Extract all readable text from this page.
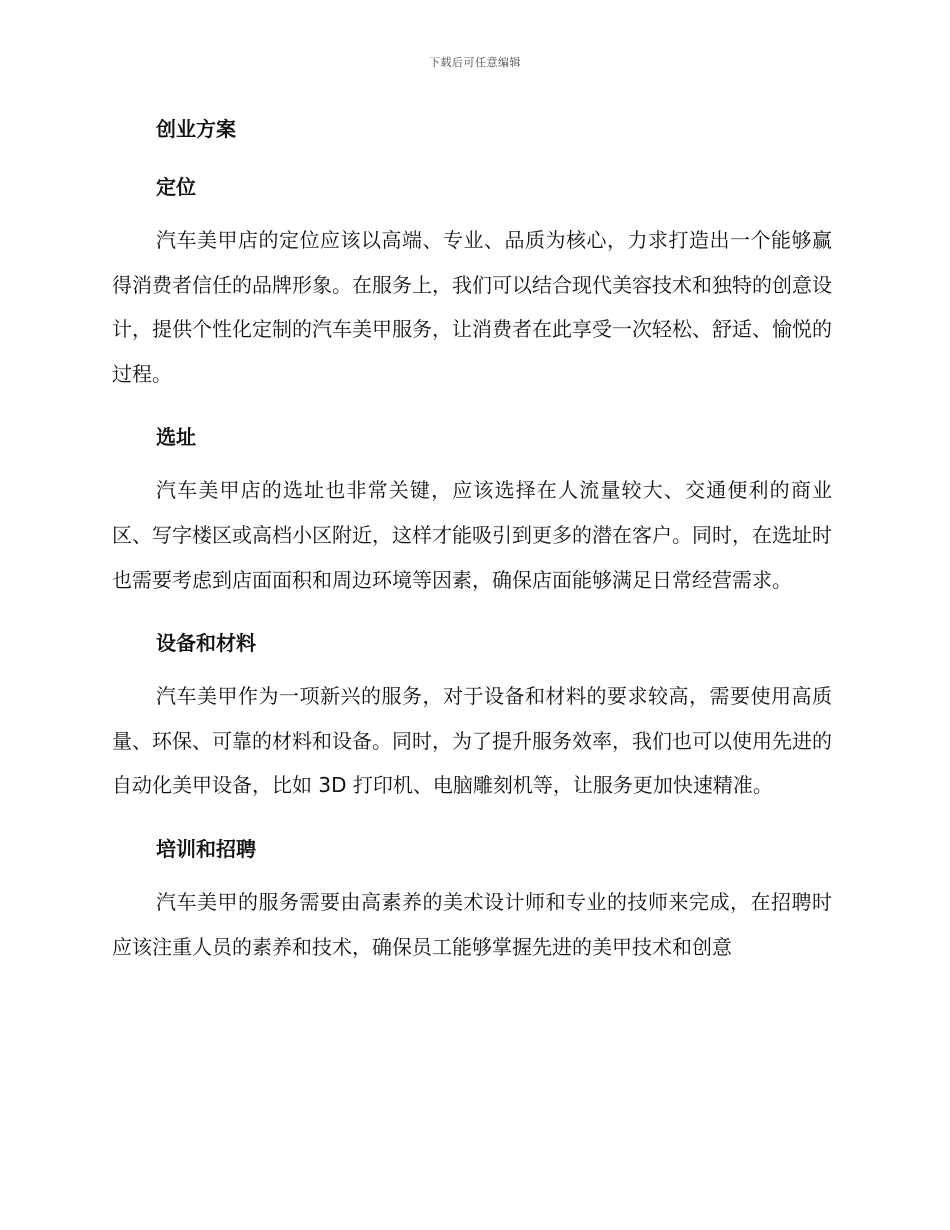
下载后可任意编辑

创业方案

定位

汽车美甲店的定位应该以高端、专业、品质为核心，力求打造出一个能够赢得消费者信任的品牌形象。在服务上，我们可以结合现代美容技术和独特的创意设计，提供个性化定制的汽车美甲服务，让消费者在此享受一次轻松、舒适、愉悦的过程。

选址

汽车美甲店的选址也非常关键，应该选择在人流量较大、交通便利的商业区、写字楼区或高档小区附近，这样才能吸引到更多的潜在客户。同时，在选址时也需要考虑到店面面积和周边环境等因素，确保店面能够满足日常经营需求。

设备和材料

汽车美甲作为一项新兴的服务，对于设备和材料的要求较高，需要使用高质量、环保、可靠的材料和设备。同时，为了提升服务效率，我们也可以使用先进的自动化美甲设备，比如 3D 打印机、电脑雕刻机等，让服务更加快速精准。

培训和招聘

汽车美甲的服务需要由高素养的美术设计师和专业的技师来完成，在招聘时应该注重人员的素养和技术，确保员工能够掌握先进的美甲技术和创意
